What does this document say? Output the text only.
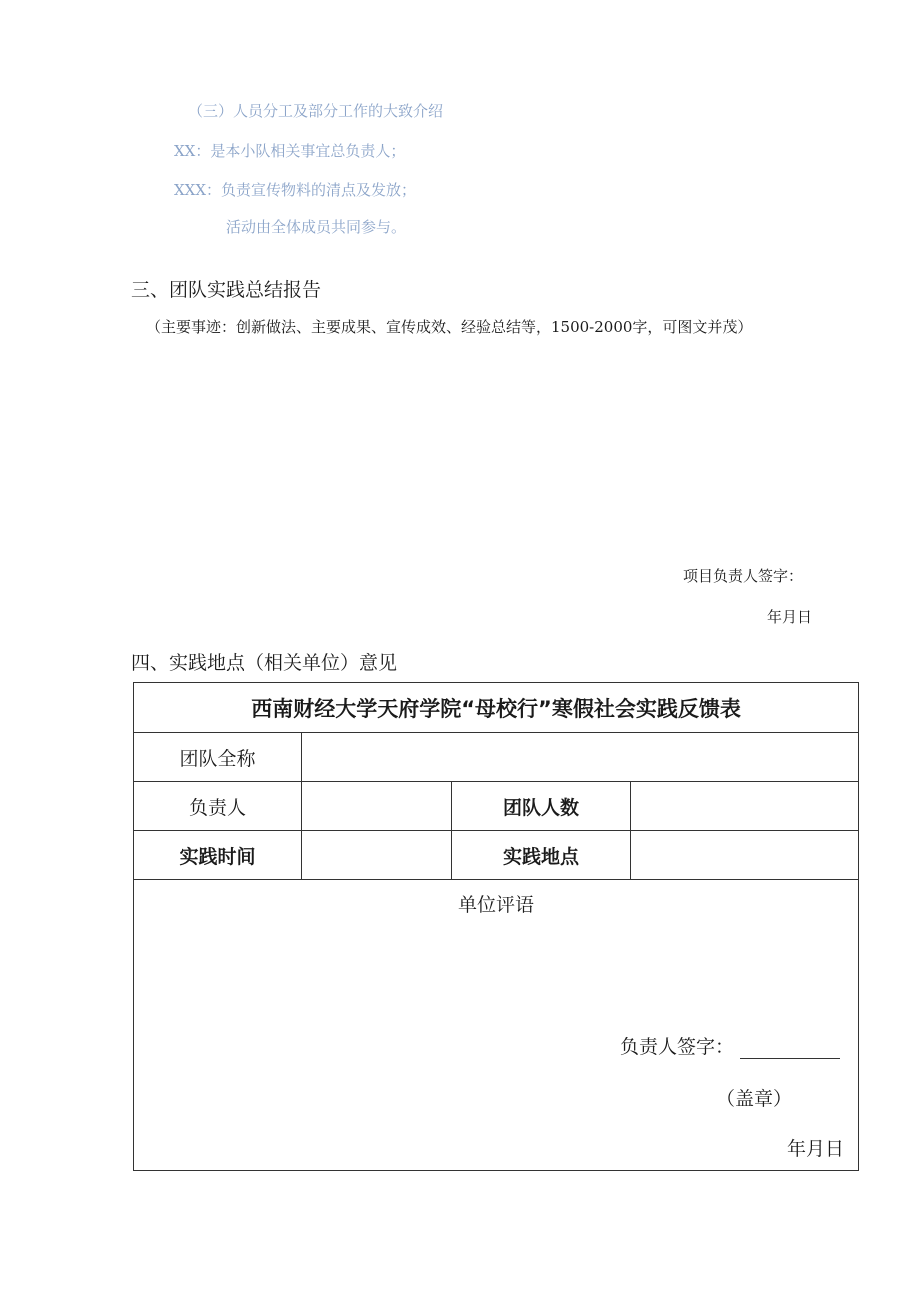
（三）人员分工及部分工作的大致介绍
XX：是本小队相关事宜总负责人；
XXX：负责宣传物料的清点及发放；
活动由全体成员共同参与。
三、团队实践总结报告
（主要事迹：创新做法、主要成果、宣传成效、经验总结等，1500-2000字，可图文并茂）
项目负责人签字：
年月日
四、实践地点（相关单位）意见
西南财经大学天府学院“母校行”寒假社会实践反馈表			
团队全称			
负责人		团队人数	
实践时间		实践地点	

单位评语
负责人签字：
（盖章）
年月日			
